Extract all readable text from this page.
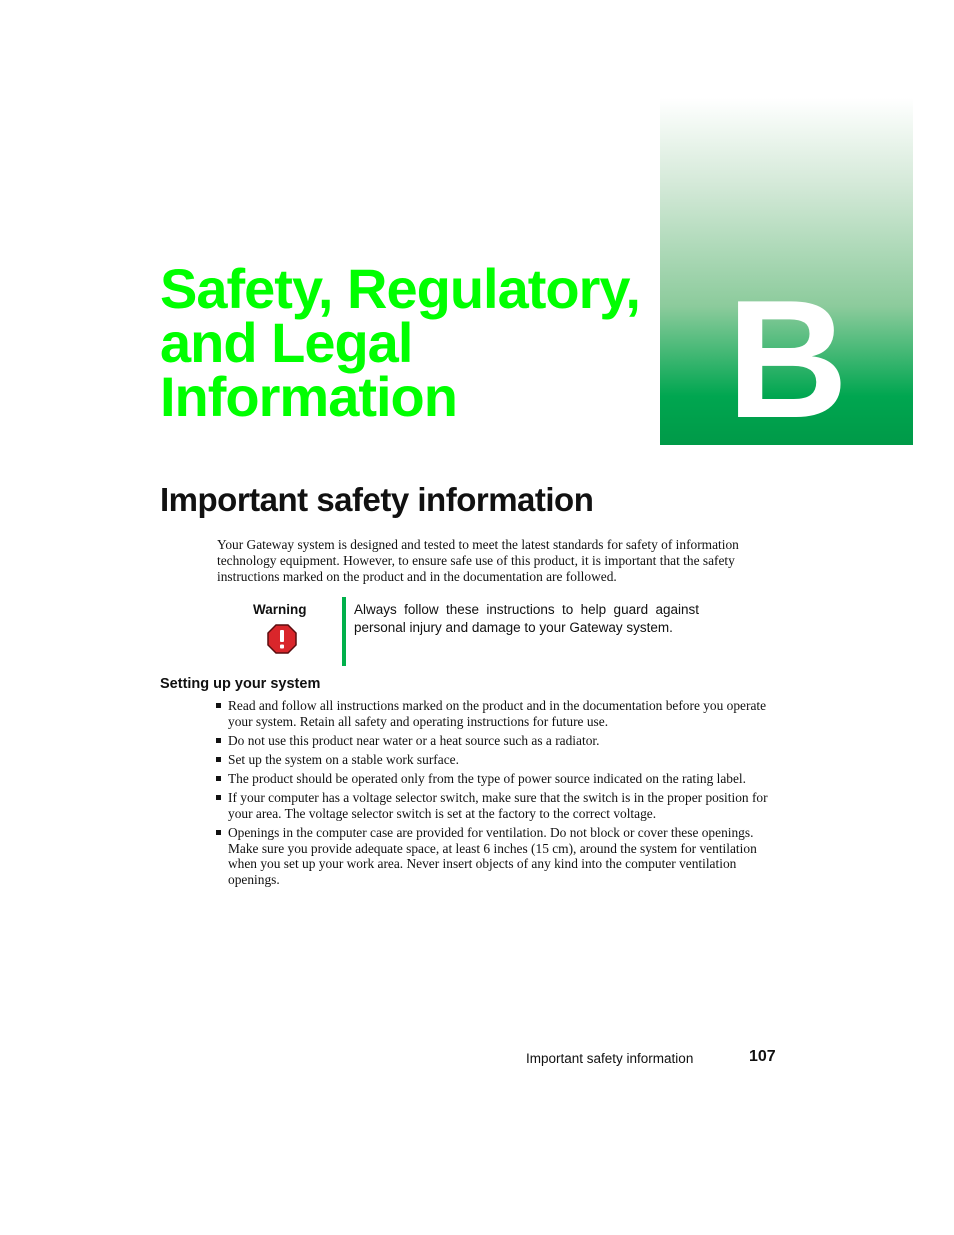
B
Safety, Regulatory, and Legal Information
Important safety information

Your Gateway system is designed and tested to meet the latest standards for safety of information technology equipment. However, to ensure safe use of this product, it is important that the safety instructions marked on the product and in the documentation are followed.

Warning	Always follow these instructions to help guard against personal injury and damage to your Gateway system.

Setting up your system
Read and follow all instructions marked on the product and in the documentation before you operate your system. Retain all safety and operating instructions for future use.
Do not use this product near water or a heat source such as a radiator.
Set up the system on a stable work surface.
The product should be operated only from the type of power source indicated on the rating label.
If your computer has a voltage selector switch, make sure that the switch is in the proper position for your area. The voltage selector switch is set at the factory to the correct voltage.
Openings in the computer case are provided for ventilation. Do not block or cover these openings. Make sure you provide adequate space, at least 6 inches (15 cm), around the system for ventilation when you set up your work area. Never insert objects of any kind into the computer ventilation openings.
Important safety information	107
